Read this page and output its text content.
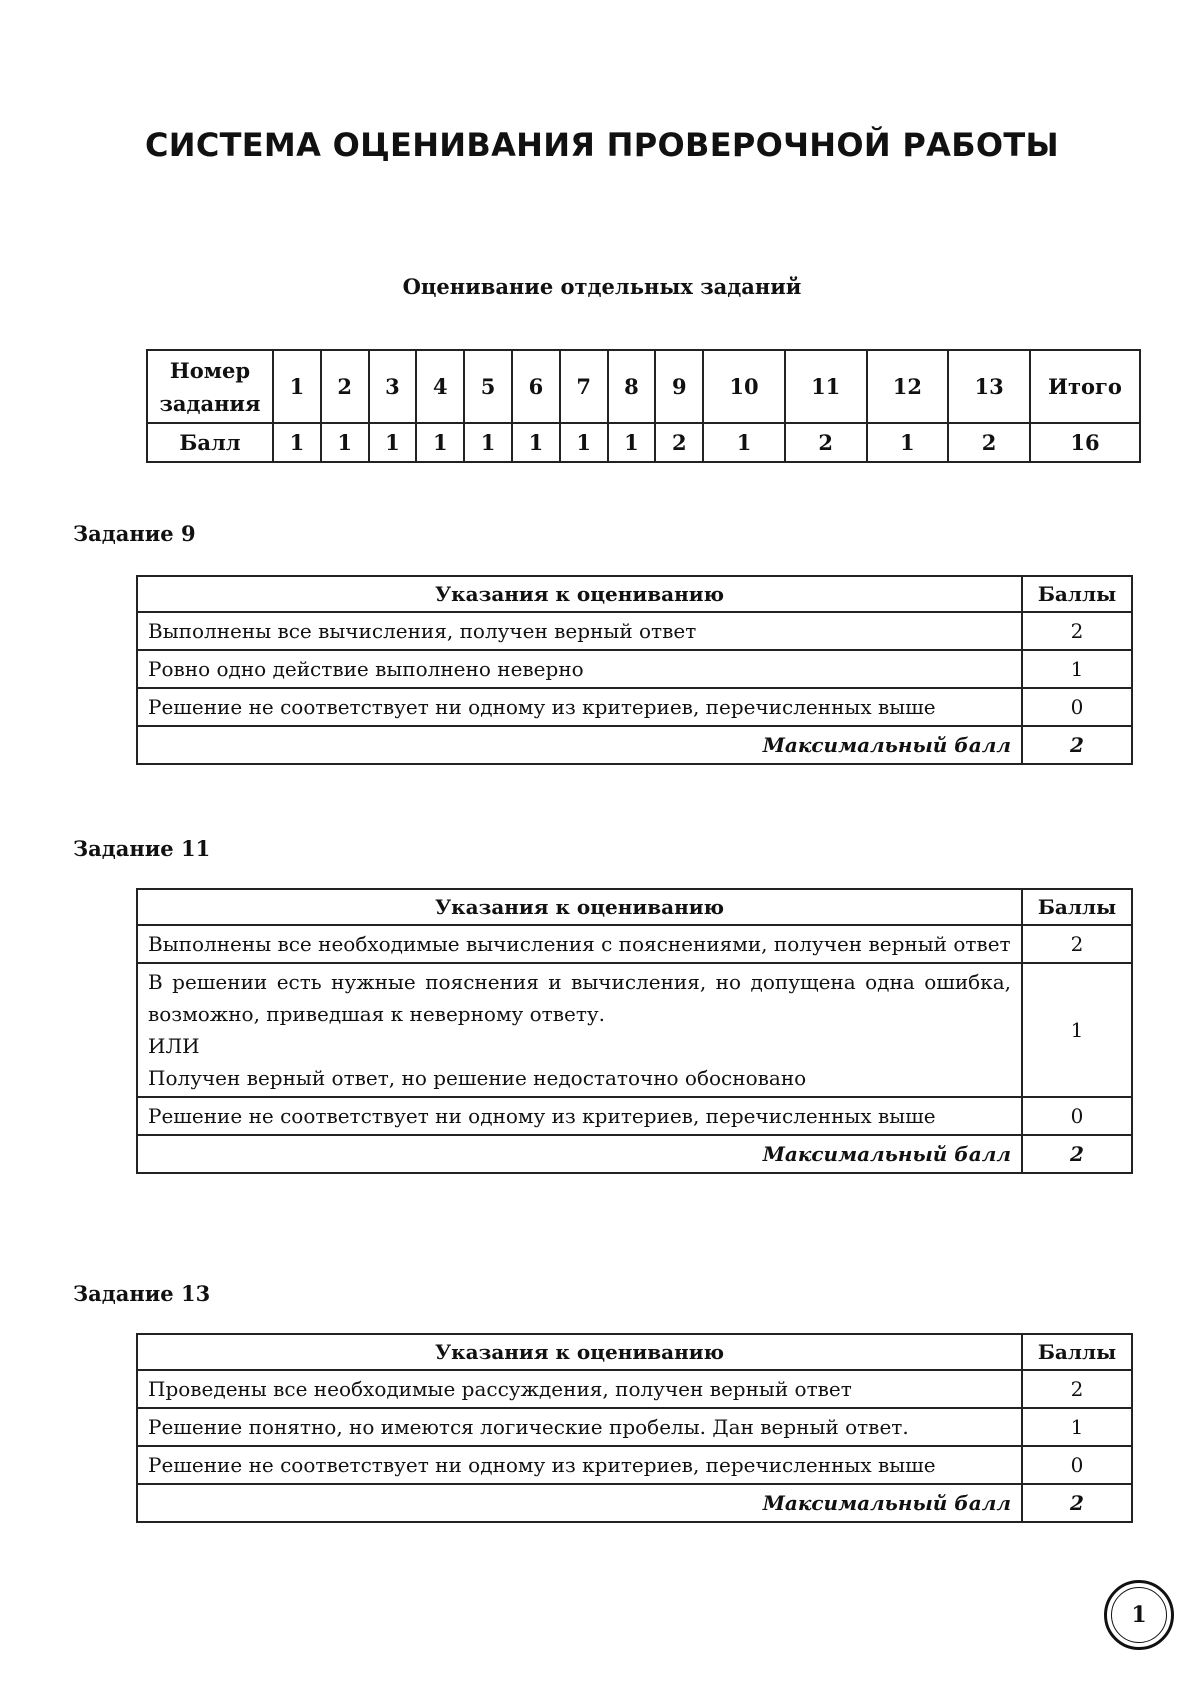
СИСТЕМА ОЦЕНИВАНИЯ ПРОВЕРОЧНОЙ РАБОТЫ
Оценивание отдельных заданий
Номер задания	1	2	3	4	5	6	7	8	9	10	11	12	13	Итого
Балл	1	1	1	1	1	1	1	1	2	1	2	1	2	16
Задание 9
Указания к оцениванию	Баллы
Выполнены все вычисления, получен верный ответ	2
Ровно одно действие выполнено неверно	1
Решение не соответствует ни одному из критериев, перечисленных выше	0
Максимальный балл	2
Задание 11
Указания к оцениванию	Баллы
Выполнены все необходимые вычисления с пояснениями, получен верный ответ	2

В решении есть нужные пояснения и вычисления, но допущена одна ошибка, возможно, приведшая к неверному ответу.
ИЛИ
Получен верный ответ, но решение недостаточно обосновано	1
Решение не соответствует ни одному из критериев, перечисленных выше	0
Максимальный балл	2
Задание 13
Указания к оцениванию	Баллы
Проведены все необходимые рассуждения, получен верный ответ	2
Решение понятно, но имеются логические пробелы. Дан верный ответ.	1
Решение не соответствует ни одному из критериев, перечисленных выше	0
Максимальный балл	2
1
